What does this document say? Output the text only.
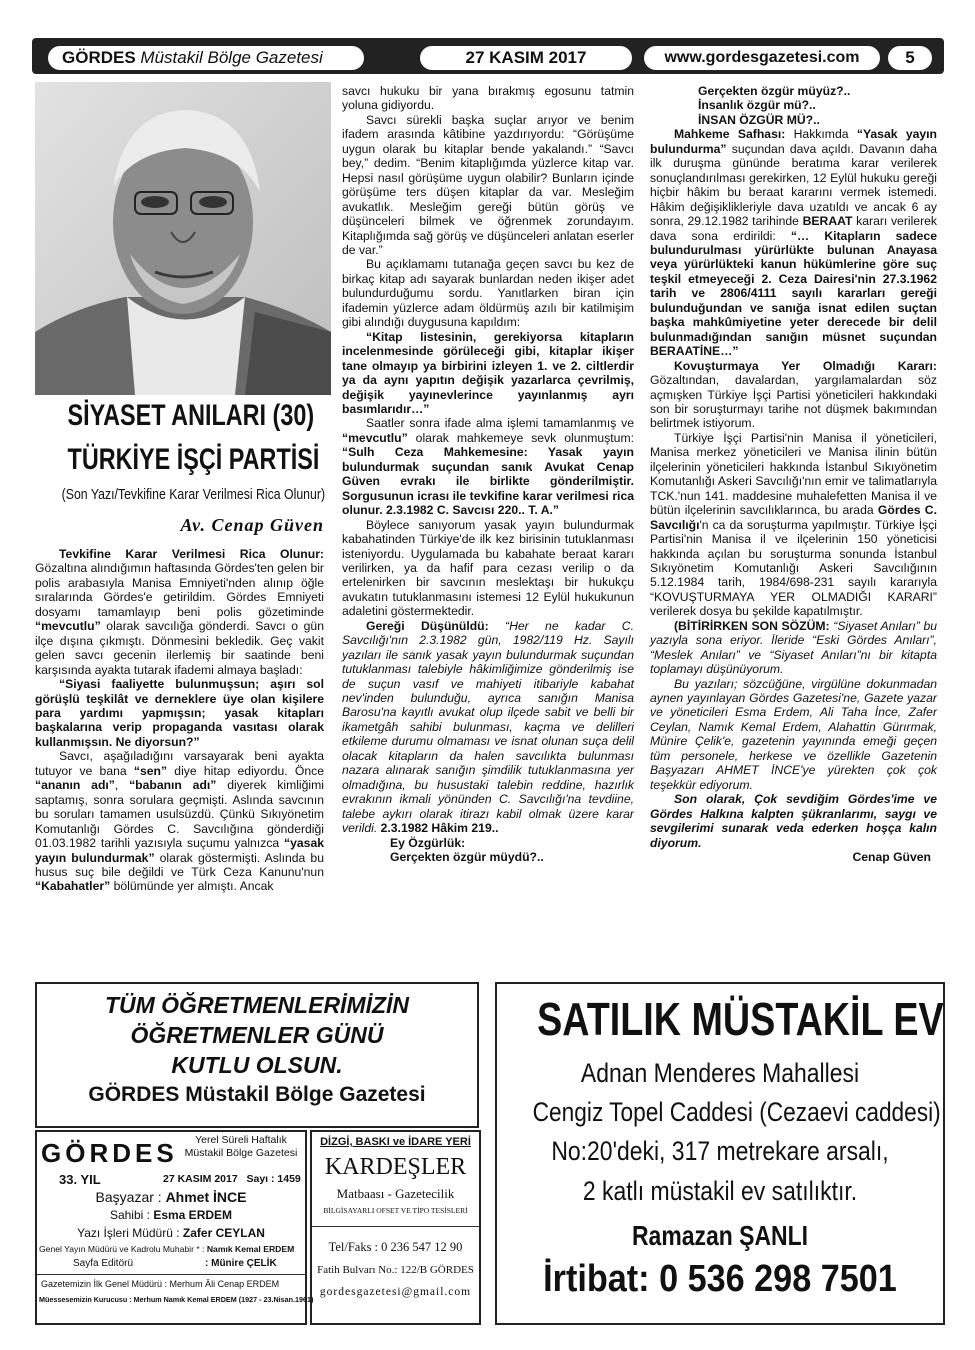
GÖRDES Müstakil Bölge Gazetesi	27 KASIM 2017	www.gordesgazetesi.com	5
SİYASET ANILARI (30)
TÜRKİYE İŞÇİ PARTİSİ
(Son Yazı/Tevkifine Karar Verilmesi Rica Olunur)
Av. Cenap Güven

Tevkifine Karar Verilmesi Rica Olunur: Gözaltına alındığımın haftasında Gördes'ten gelen bir polis arabasıyla Manisa Emniyeti'nden alınıp öğle sıralarında Gördes'e getirildim. Gördes Emniyeti dosyamı tamamlayıp beni polis gözetiminde “mevcutlu” olarak savcılığa gönderdi. Savcı o gün ilçe dışına çıkmıştı. Dönmesini bekledik. Geç vakit gelen savcı gecenin ilerlemiş bir saatinde beni karşısında ayakta tutarak ifademi almaya başladı:

“Siyasi faaliyette bulunmuşsun; aşırı sol görüşlü teşkilât ve derneklere üye olan kişilere para yardımı yapmışsın; yasak kitapları başkalarına verip propaganda vasıtası olarak kullanmışsın. Ne diyorsun?”

Savcı, aşağıladığını varsayarak beni ayakta tutuyor ve bana “sen” diye hitap ediyordu. Önce “ananın adı”, “babanın adı” diyerek kimliğimi saptamış, sonra sorulara geçmişti. Aslında savcının bu soruları tamamen usulsüzdü. Çünkü Sıkıyönetim Komutanlığı Gördes C. Savcılığına gönderdiği 01.03.1982 tarihli yazısıyla suçumu yalnızca “yasak yayın bulundurmak” olarak göstermişti. Aslında bu husus suç bile değildi ve Türk Ceza Kanunu'nun “Kabahatler” bölümünde yer almıştı. Ancak

savcı hukuku bir yana bırakmış egosunu tatmin yoluna gidiyordu.

Savcı sürekli başka suçlar arıyor ve benim ifadem arasında kâtibine yazdırıyordu: “Görüşüme uygun olarak bu kitaplar bende yakalandı.” “Savcı bey,” dedim. “Benim kitaplığımda yüzlerce kitap var. Hepsi nasıl görüşüme uygun olabilir? Bunların içinde görüşüme ters düşen kitaplar da var. Mesleğim avukatlık. Mesleğim gereği bütün görüş ve düşünceleri bilmek ve öğrenmek zorundayım. Kitaplığımda sağ görüş ve düşünceleri anlatan eserler de var.”

Bu açıklamamı tutanağa geçen savcı bu kez de birkaç kitap adı sayarak bunlardan neden ikişer adet bulundurduğumu sordu. Yanıtlarken biran için ifademin yüzlerce adam öldürmüş azılı bir katilmişim gibi alındığı duygusuna kapıldım:

“Kitap listesinin, gerekiyorsa kitapların incelenmesinde görüleceği gibi, kitaplar ikişer tane olmayıp ya birbirini izleyen 1. ve 2. ciltlerdir ya da aynı yapıtın değişik yazarlarca çevrilmiş, değişik yayınevlerince yayınlanmış ayrı basımlarıdır…”

Saatler sonra ifade alma işlemi tamamlanmış ve “mevcutlu” olarak mahkemeye sevk olunmuştum: “Sulh Ceza Mahkemesine: Yasak yayın bulundurmak suçundan sanık Avukat Cenap Güven evrakı ile birlikte gönderilmiştir. Sorgusunun icrası ile tevkifine karar verilmesi rica olunur. 2.3.1982 C. Savcısı 220.. T. A.”

Böylece sanıyorum yasak yayın bulundurmak kabahatinden Türkiye'de ilk kez birisinin tutuklanması isteniyordu. Uygulamada bu kabahate beraat kararı verilirken, ya da hafif para cezası verilip o da ertelenirken bir savcının meslektaşı bir hukukçu avukatın tutuklanmasını istemesi 12 Eylül hukukunun adaletini göstermektedir.

Gereği Düşünüldü: “Her ne kadar C. Savcılığı'nın 2.3.1982 gün, 1982/119 Hz. Sayılı yazıları ile sanık yasak yayın bulundurmak suçundan tutuklanması talebiyle hâkimliğimize gönderilmiş ise de suçun vasıf ve mahiyeti itibariyle kabahat nev'inden bulunduğu, ayrıca sanığın Manisa Barosu'na kayıtlı avukat olup ilçede sabit ve belli bir ikametgâh sahibi bulunması, kaçma ve delilleri etkileme durumu olmaması ve isnat olunan suça delil olacak kitapların da halen savcılıkta bulunması nazara alınarak sanığın şimdilik tutuklanmasına yer olmadığına, bu husustaki talebin reddine, hazırlık evrakının ikmali yönünden C. Savcılığı'na tevdiine, talebe aykırı olarak itirazı kabil olmak üzere karar verildi. 2.3.1982 Hâkim 219..

Ey Özgürlük:

Gerçekten özgür müydü?..

Gerçekten özgür müyüz?..

İnsanlık özgür mü?..

İNSAN ÖZGÜR MÜ?..

Mahkeme Safhası: Hakkımda “Yasak yayın bulundurma” suçundan dava açıldı. Davanın daha ilk duruşma gününde beratıma karar verilerek sonuçlandırılması gerekirken, 12 Eylül hukuku gereği hiçbir hâkim bu beraat kararını vermek istemedi. Hâkim değişiklikleriyle dava uzatıldı ve ancak 6 ay sonra, 29.12.1982 tarihinde BERAAT kararı verilerek dava sona erdirildi: “… Kitapların sadece bulundurulması yürürlükte bulunan Anayasa veya yürürlükteki kanun hükümlerine göre suç teşkil etmeyeceği 2. Ceza Dairesi'nin 27.3.1962 tarih ve 2806/4111 sayılı kararları gereği bulunduğundan ve sanığa isnat edilen suçtan başka mahkûmiyetine yeter derecede bir delil bulunmadığından sanığın müsnet suçundan BERAATİNE…”

Kovuşturmaya Yer Olmadığı Kararı: Gözaltından, davalardan, yargılamalardan söz açmışken Türkiye İşçi Partisi yöneticileri hakkındaki son bir soruşturmayı tarihe not düşmek bakımından belirtmek istiyorum.

Türkiye İşçi Partisi'nin Manisa il yöneticileri, Manisa merkez yöneticileri ve Manisa ilinin bütün ilçelerinin yöneticileri hakkında İstanbul Sıkıyönetim Komutanlığı Askeri Savcılığı'nın emir ve talimatlarıyla TCK.'nun 141. maddesine muhalefetten Manisa il ve bütün ilçelerinin savcılıklarınca, bu arada Gördes C. Savcılığı'n ca da soruşturma yapılmıştır. Türkiye İşçi Partisi'nin Manisa il ve ilçelerinin 150 yöneticisi hakkında açılan bu soruşturma sonunda İstanbul Sıkıyönetim Komutanlığı Askeri Savcılığının 5.12.1984 tarih, 1984/698-231 sayılı kararıyla “KOVUŞTURMAYA YER OLMADIĞI KARARI” verilerek dosya bu şekilde kapatılmıştır.

(BİTİRİRKEN SON SÖZÜM: “Siyaset Anıları” bu yazıyla sona eriyor. İleride “Eski Gördes Anıları”, “Meslek Anıları” ve “Siyaset Anıları”nı bir kitapta toplamayı düşünüyorum.

Bu yazıları; sözcüğüne, virgülüne dokunmadan aynen yayınlayan Gördes Gazetesi'ne, Gazete yazar ve yöneticileri Esma Erdem, Ali Taha İnce, Zafer Ceylan, Namık Kemal Erdem, Alahattin Gürırmak, Münire Çelik'e, gazetenin yayınında emeği geçen tüm personele, herkese ve özellikle Gazetenin Başyazarı AHMET İNCE'ye yürekten çok çok teşekkür ediyorum.

Son olarak, Çok sevdiğim Gördes'ime ve Gördes Halkına kalpten şükranlarımı, saygı ve sevgilerimi sunarak veda ederken hoşça kalın diyorum.

Cenap Güven

TÜM ÖĞRETMENLERİMİZİN
ÖĞRETMENLER GÜNÜ
KUTLU OLSUN.
GÖRDES Müstakil Bölge Gazetesi
GÖRDES	Yerel Süreli Haftalık
Müstakil Bölge Gazetesi
33. YIL	27 KASIM 2017 Sayı : 1459
Başyazar : Ahmet İNCE
Sahibi : Esma ERDEM
Yazı İşleri Müdürü : Zafer CEYLAN
Genel Yayın Müdürü ve Kadrolu Muhabir * : Namık Kemal ERDEM
Sayfa Editörü	: Münire ÇELİK
Gazetemizin İlk Genel Müdürü : Merhum Âli Cenap ERDEM
Müessesemizin Kurucusu : Merhum Namık Kemal ERDEM (1927 - 23.Nisan.1961)
DİZGİ, BASKI ve İDARE YERİ
KARDEŞLER
Matbaası - Gazetecilik
BİLGİSAYARLI OFSET VE TİPO TESİSLERİ
Tel/Faks : 0 236 547 12 90
Fatih Bulvarı No.: 122/B GÖRDES
gordesgazetesi@gmail.com
SATILIK MÜSTAKİL EV
Adnan Menderes Mahallesi
Cengiz Topel Caddesi (Cezaevi caddesi)
No:20'deki, 317 metrekare arsalı,
2 katlı müstakil ev satılıktır.
Ramazan ŞANLI
İrtibat: 0 536 298 7501
